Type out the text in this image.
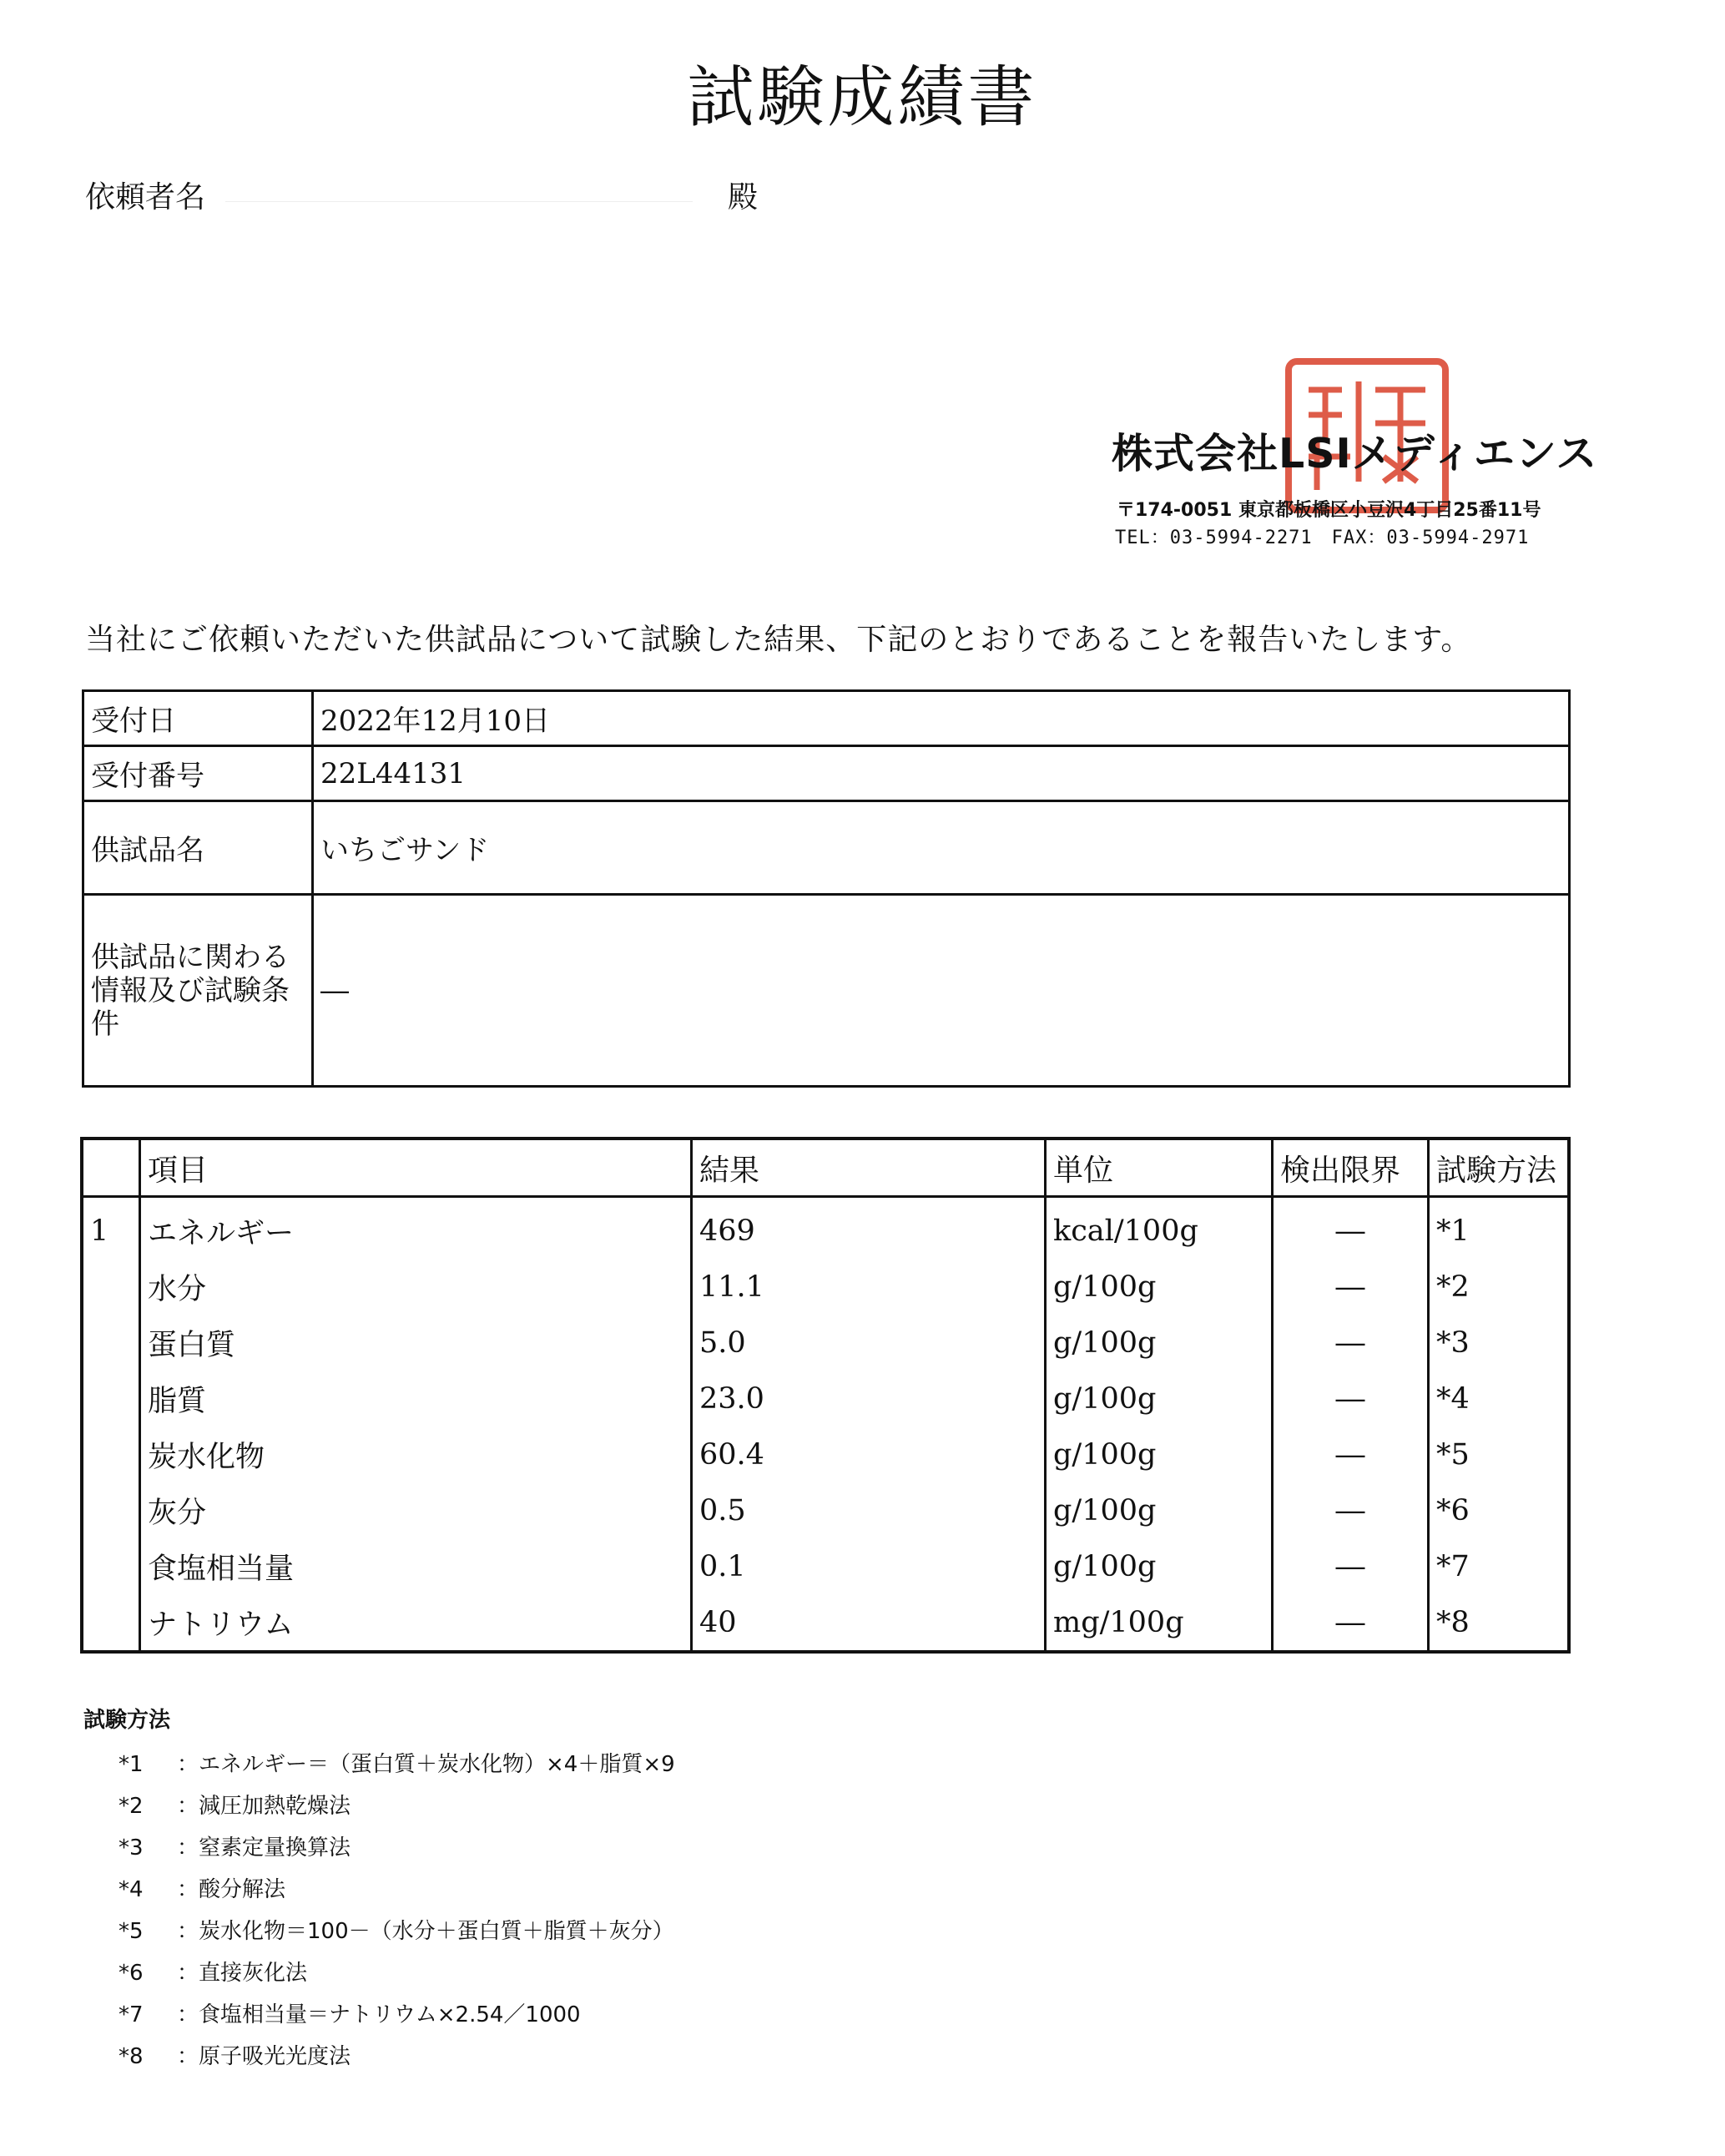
試験成績書
依頼者名	殿
株式会社LSIメディエンス
〒174-0051 東京都板橋区小豆沢4丁目25番11号
TEL：03-5994-2271　FAX：03-5994-2971
当社にご依頼いただいた供試品について試験した結果、下記のとおりであることを報告いたします。
受付日	2022年12月10日
受付番号	22L44131
供試品名	いちごサンド
供試品に関わる情報及び試験条件	―
	項目	結果	単位	検出限界	試験方法
1	エネルギー	469	kcal/100g	―	*1
	水分	11.1	g/100g	―	*2
	蛋白質	5.0	g/100g	―	*3
	脂質	23.0	g/100g	―	*4
	炭水化物	60.4	g/100g	―	*5
	灰分	0.5	g/100g	―	*6
	食塩相当量	0.1	g/100g	―	*7
	ナトリウム	40	mg/100g	―	*8
試験方法
*1 ：エネルギー＝（蛋白質＋炭水化物）×4＋脂質×9
*2 ：減圧加熱乾燥法
*3 ：窒素定量換算法
*4 ：酸分解法
*5 ：炭水化物＝100－（水分＋蛋白質＋脂質＋灰分）
*6 ：直接灰化法
*7 ：食塩相当量＝ナトリウム×2.54／1000
*8 ：原子吸光光度法
